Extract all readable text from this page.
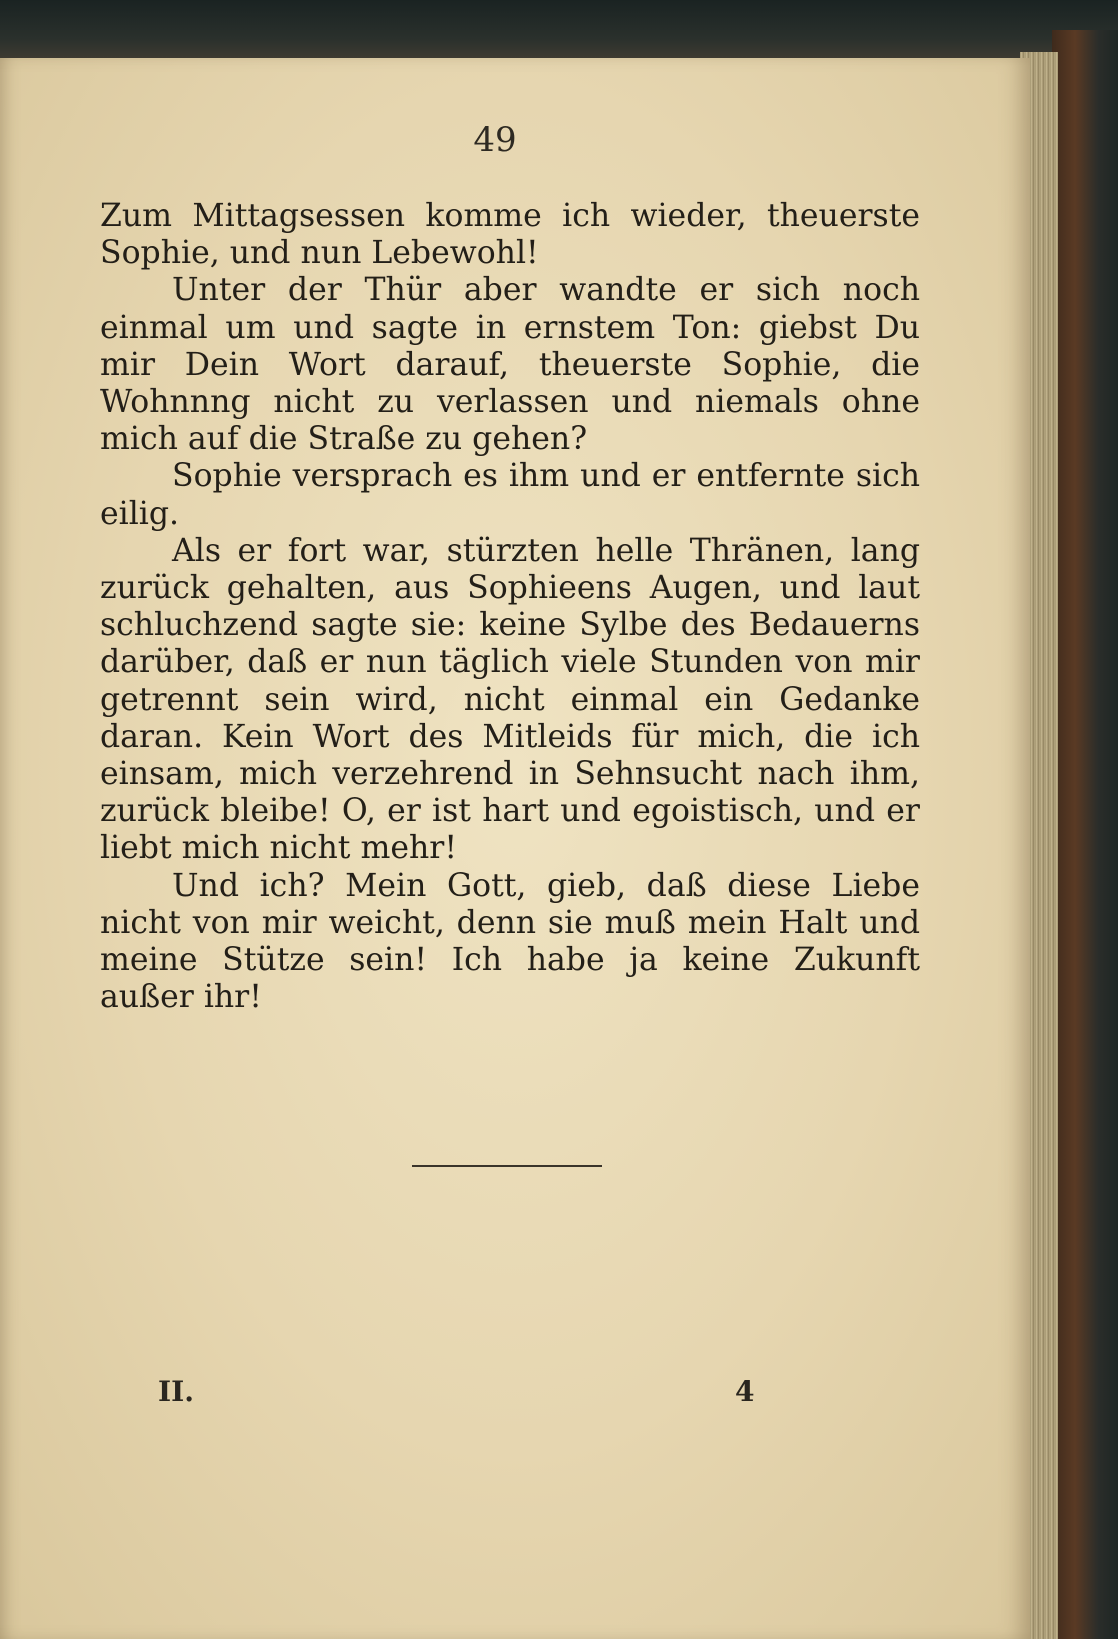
49

Zum Mittagsessen komme ich wieder, theuerste Sophie, und nun Lebewohl!

Unter der Thür aber wandte er sich noch einmal um und sagte in ernstem Ton: giebst Du mir Dein Wort darauf, theuerste Sophie, die Wohnnng nicht zu verlassen und niemals ohne mich auf die Straße zu gehen?

Sophie versprach es ihm und er entfernte sich eilig.

Als er fort war, stürzten helle Thränen, lang zurück gehalten, aus Sophieens Augen, und laut schluchzend sagte sie: keine Sylbe des Bedauerns darüber, daß er nun täglich viele Stunden von mir getrennt sein wird, nicht einmal ein Gedanke daran. Kein Wort des Mitleids für mich, die ich einsam, mich verzehrend in Sehnsucht nach ihm, zurück bleibe! O, er ist hart und egoistisch, und er liebt mich nicht mehr!

Und ich? Mein Gott, gieb, daß diese Liebe nicht von mir weicht, denn sie muß mein Halt und meine Stütze sein! Ich habe ja keine Zukunft außer ihr!

II.	4
